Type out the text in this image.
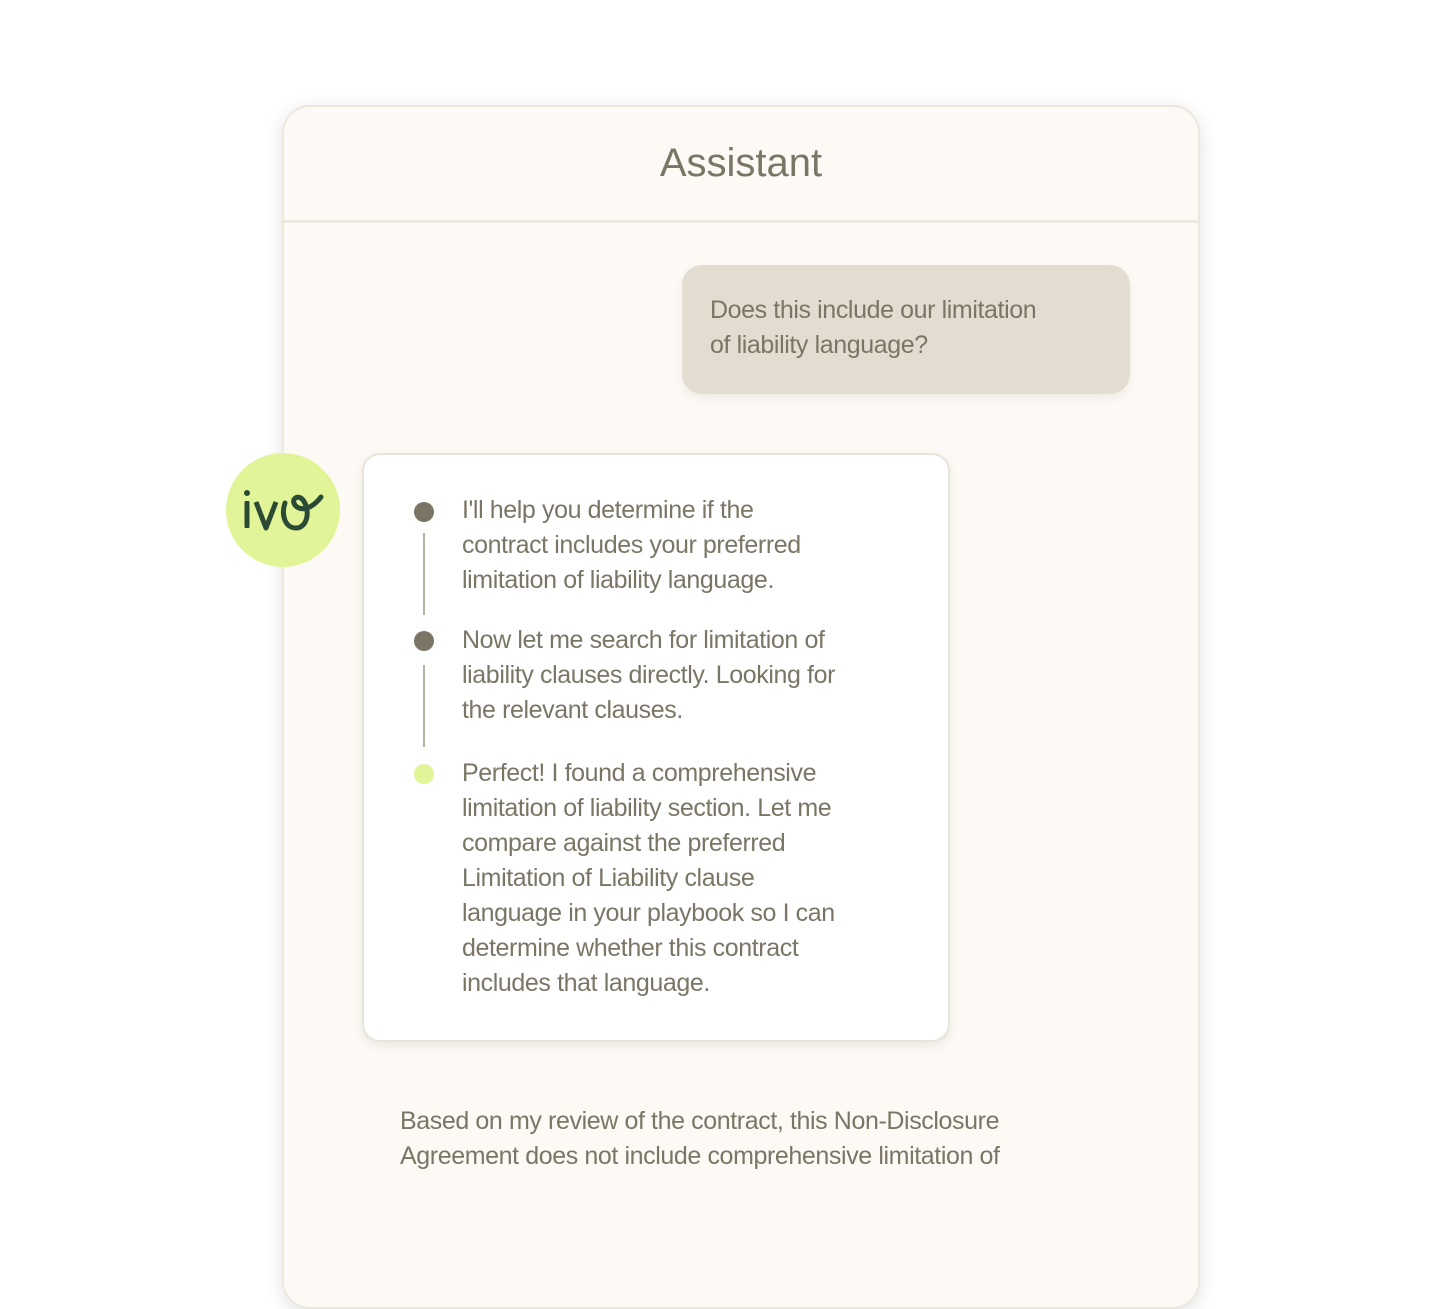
Assistant
Does this include our limitation
of liability language?
I'll help you determine if the
contract includes your preferred
limitation of liability language.
Now let me search for limitation of
liability clauses directly. Looking for
the relevant clauses.
Perfect! I found a comprehensive
limitation of liability section. Let me
compare against the preferred
Limitation of Liability clause
language in your playbook so I can
determine whether this contract
includes that language.
Based on my review of the contract, this Non-Disclosure
Agreement does not include comprehensive limitation of
